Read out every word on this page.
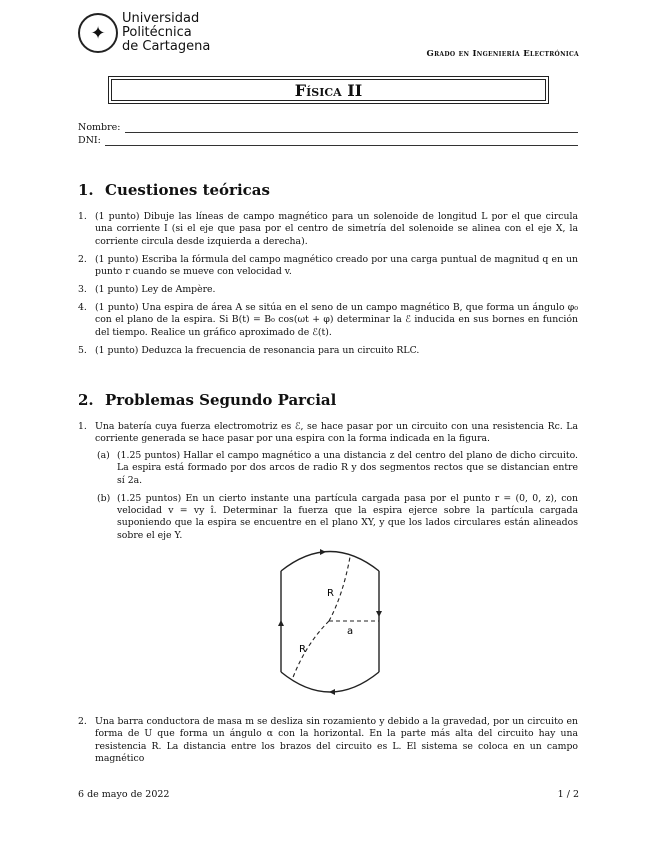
✦
Universidad
Politécnica
de Cartagena	Grado en Ingeniería Electrónica
Física II
Nombre:
DNI:
1. Cuestiones teóricas
1. (1 punto) Dibuje las líneas de campo magnético para un solenoide de longitud L por el que circula una corriente I (si el eje que pasa por el centro de simetría del solenoide se alinea con el eje X, la corriente circula desde izquierda a derecha).
2. (1 punto) Escriba la fórmula del campo magnético creado por una carga puntual de magnitud q en un punto r cuando se mueve con velocidad v.
3. (1 punto) Ley de Ampère.
4. (1 punto) Una espira de área A se sitúa en el seno de un campo magnético B, que forma un ángulo φ₀ con el plano de la espira. Si B(t) = B₀ cos(ωt + φ) determinar la ℰ inducida en sus bornes en función del tiempo. Realice un gráfico aproximado de ℰ(t).
5. (1 punto) Deduzca la frecuencia de resonancia para un circuito RLC.
2. Problemas Segundo Parcial
1. Una batería cuya fuerza electromotriz es ℰ, se hace pasar por un circuito con una resistencia Rc. La corriente generada se hace pasar por una espira con la forma indicada en la figura.
(a) (1.25 puntos) Hallar el campo magnético a una distancia z del centro del plano de dicho circuito. La espira está formado por dos arcos de radio R y dos segmentos rectos que se distancian entre sí 2a.
(b) (1.25 puntos) En un cierto instante una partícula cargada pasa por el punto r = (0, 0, z), con velocidad v = vy î. Determinar la fuerza que la espira ejerce sobre la partícula cargada suponiendo que la espira se encuentre en el plano XY, y que los lados circulares están alineados sobre el eje Y.
R
R
a
2. Una barra conductora de masa m se desliza sin rozamiento y debido a la gravedad, por un circuito en forma de U que forma un ángulo α con la horizontal. En la parte más alta del circuito hay una resistencia R. La distancia entre los brazos del circuito es L. El sistema se coloca en un campo magnético
6 de mayo de 2022	1 / 2
